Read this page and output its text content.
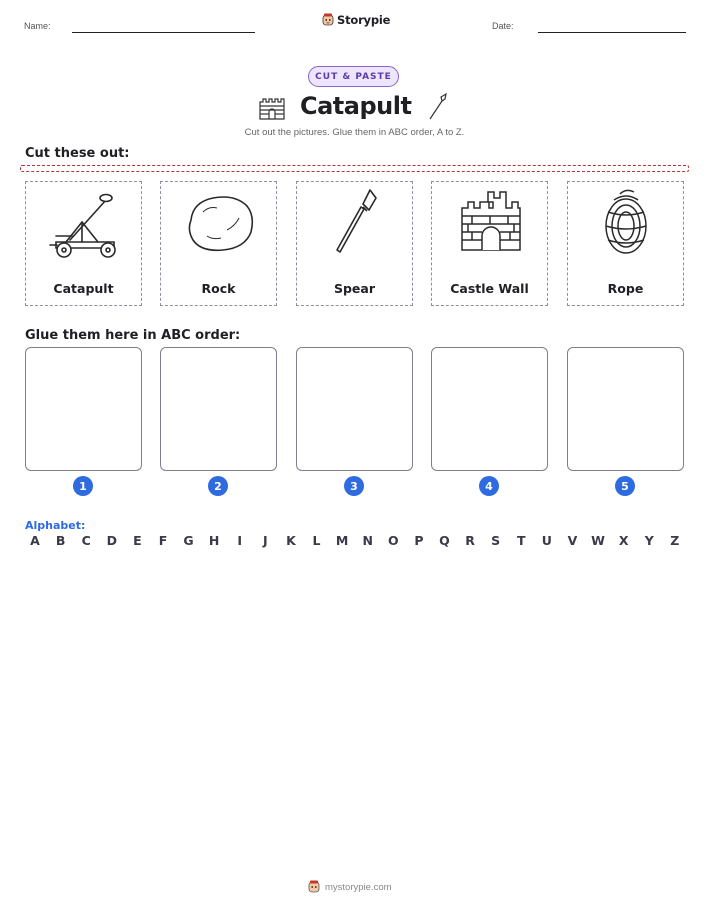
Name:	Storypie	Date:
CUT & PASTE
Catapult
Cut out the pictures. Glue them in ABC order, A to Z.
Cut these out:
Catapult	Rock	Spear	Castle Wall	Rope
Glue them here in ABC order:
1	2	3	4	5
Alphabet:
A	B	C	D	E	F	G	H	I	J	K	L	M	N	O	P	Q	R	S	T	U	V	W	X	Y	Z
mystorypie.com
